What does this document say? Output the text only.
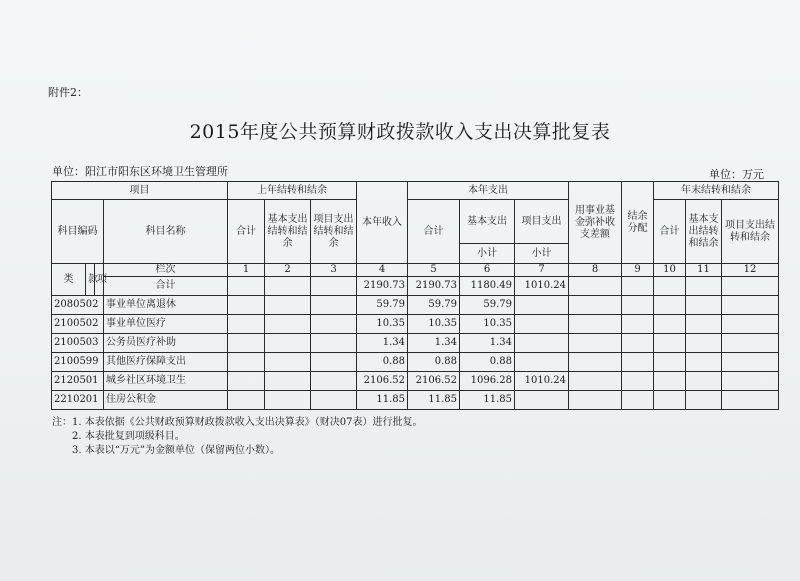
附件2：
2015年度公共预算财政拨款收入支出决算批复表
单位：阳江市阳东区环境卫生管理所	单位：万元
项目				上年结转和结余			本年收入	本年支出			用事业基金弥补收支差额	结余分配	年末结转和结余		
科目编码			科目名称	合计	基本支出结转和结余	项目支出结转和结余		合计	基本支出	项目支出			合计	基本支出结转和结余	项目支出结转和结余

									小计	小计					
类	款	项	栏次	1	2	3	4	5	6	7	8	9	10	11	12
			合计				2190.73	2190.73	1180.49	1010.24					
2080502			事业单位离退休				59.79	59.79	59.79						
2100502			事业单位医疗				10.35	10.35	10.35						
2100503			公务员医疗补助				1.34	1.34	1.34						
2100599			其他医疗保障支出				0.88	0.88	0.88						
2120501			城乡社区环境卫生				2106.52	2106.52	1096.28	1010.24					
2210201			住房公积金				11.85	11.85	11.85						
注：1. 本表依据《公共财政预算财政拨款收入支出决算表》（财决07表）进行批复。
2. 本表批复到项级科目。
3. 本表以“万元”为金额单位（保留两位小数）。
